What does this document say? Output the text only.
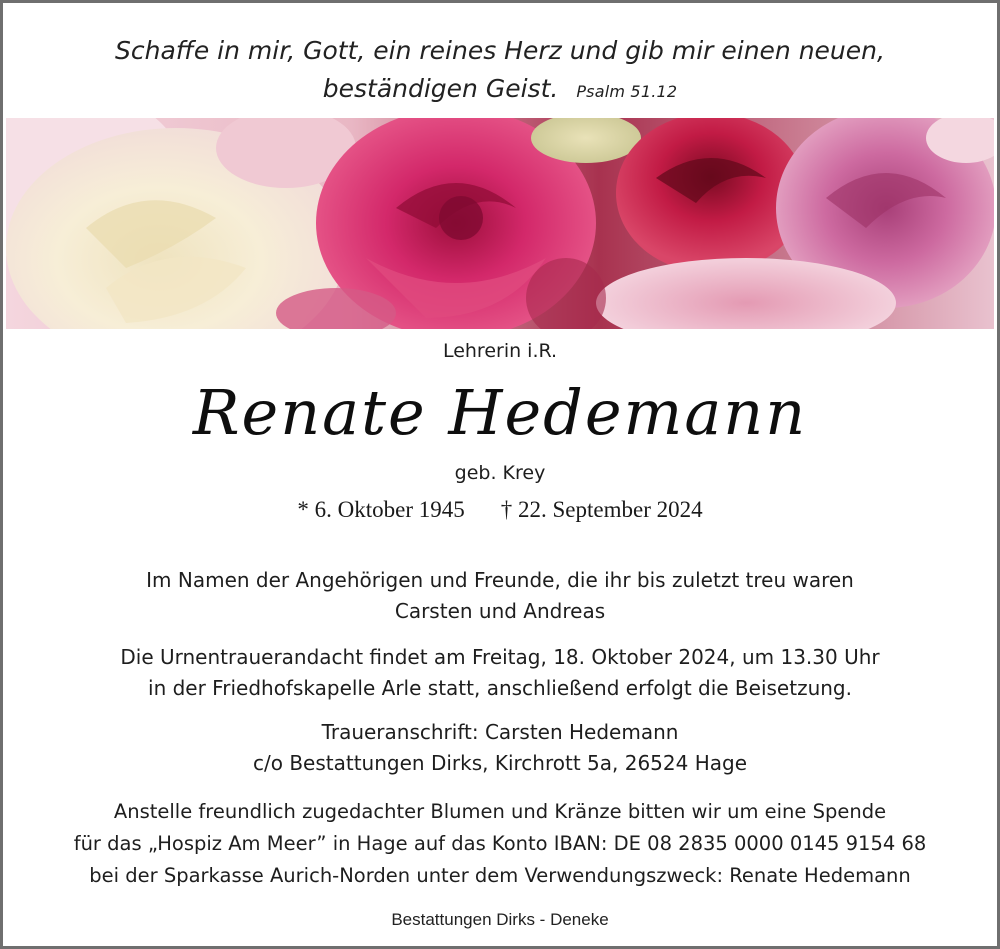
Schaffe in mir, Gott, ein reines Herz und gib mir einen neuen,
beständigen Geist. Psalm 51.12
Lehrerin i.R.
Renate Hedemann
geb. Krey
* 6. Oktober 1945 † 22. September 2024
Im Namen der Angehörigen und Freunde, die ihr bis zuletzt treu waren
Carsten und Andreas
Die Urnentrauerandacht findet am Freitag, 18. Oktober 2024, um 13.30 Uhr
in der Friedhofskapelle Arle statt, anschließend erfolgt die Beisetzung.
Traueranschrift: Carsten Hedemann
c/o Bestattungen Dirks, Kirchrott 5a, 26524 Hage
Anstelle freundlich zugedachter Blumen und Kränze bitten wir um eine Spende
für das „Hospiz Am Meer” in Hage auf das Konto IBAN: DE 08 2835 0000 0145 9154 68
bei der Sparkasse Aurich-Norden unter dem Verwendungszweck: Renate Hedemann
Bestattungen Dirks - Deneke
